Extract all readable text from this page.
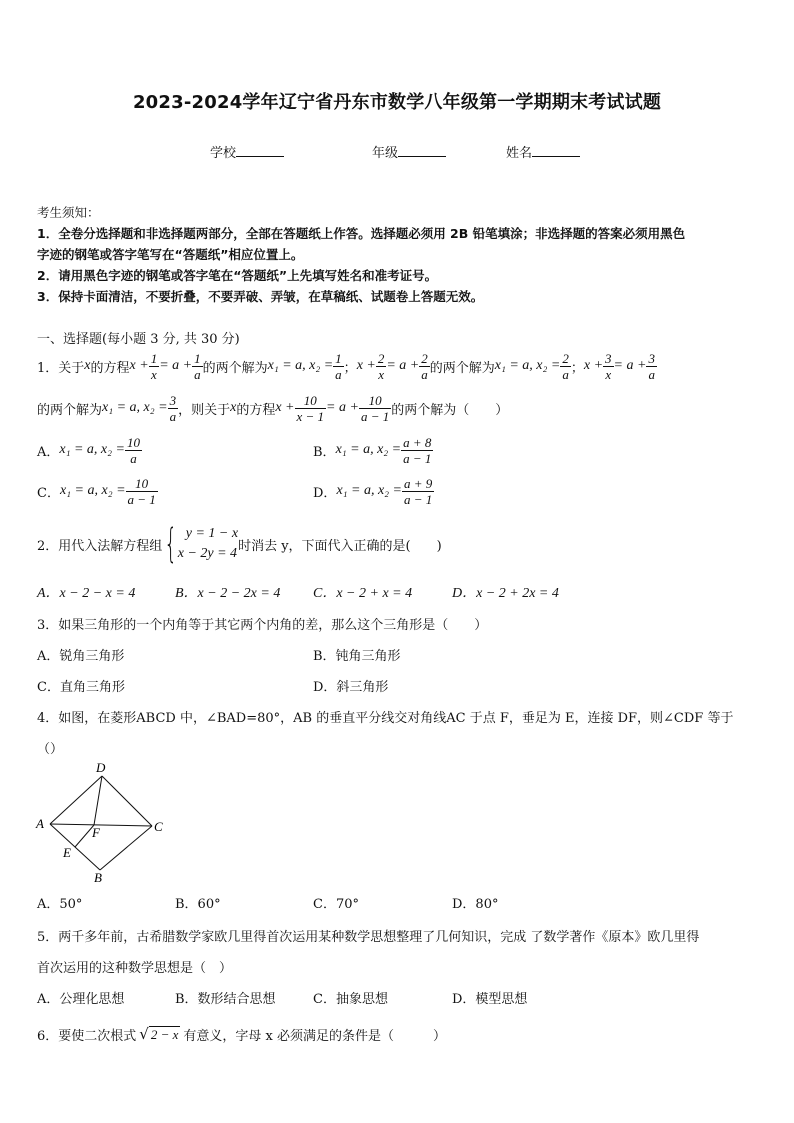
2023-2024学年辽宁省丹东市数学八年级第一学期期末考试试题
学校	年级	姓名
考生须知：
1．全卷分选择题和非选择题两部分，全部在答题纸上作答。选择题必须用 2B 铅笔填涂；非选择题的答案必须用黑色
字迹的钢笔或答字笔写在“答题纸”相应位置上。
2．请用黑色字迹的钢笔或答字笔在“答题纸”上先填写姓名和准考证号。
3．保持卡面清洁，不要折叠，不要弄破、弄皱，在草稿纸、试题卷上答题无效。
一、选择题(每小题 3 分, 共 30 分)
1．关于 x 的方程 $x + \frac{1}{x} = a + \frac{1}{a}$ 的两个解为 x₁ = a, $x_2 = \frac{1}{a}$ ； $x + \frac{2}{x} = a + \frac{2}{a}$ 的两个解为 x₁ = a, $x_2 = \frac{2}{a}$ ； $x + \frac{3}{x} = a + \frac{3}{a}$
的两个解为 x₁ = a, $x_2 = \frac{3}{a}$ ，则关于 x 的方程 $x + \frac{10}{x - 1} = a + \frac{10}{a - 1}$ 的两个解为（　　）
A． x₁ = a, $x_2 = \frac{10}{a}$	B． x₁ = a, $x_2 = \frac{a + 8}{a - 1}$
C． x₁ = a, $x_2 = \frac{10}{a - 1}$	D． x₁ = a, $x_2 = \frac{a + 9}{a - 1}$
2．用代入法解方程组 { y = 1 − x
x − 2y = 4 时消去 y，下面代入正确的是(　　)
A．x − 2 − x = 4	B．x − 2 − 2x = 4 C．x − 2 + x = 4	D．x − 2 + 2x = 4
3．如果三角形的一个内角等于其它两个内角的差，那么这个三角形是（　　）
A．锐角三角形	B．钝角三角形
C．直角三角形	D．斜三角形
4．如图，在菱形ABCD 中，∠BAD=80°，AB 的垂直平分线交对角线AC 于点 F，垂足为 E，连接 DF，则∠CDF 等于
（）
A
D
C
B
E
F
A．50°	B．60°	C．70°	D．80°
5．两千多年前，古希腊数学家欧几里得首次运用某种数学思想整理了几何知识，完成 了数学著作《原本》欧几里得
首次运用的这种数学思想是（　）
A．公理化思想	B．数形结合思想	C．抽象思想	D．模型思想
6．要使二次根式 √ 2 − x 有意义，字母 x 必须满足的条件是（　　　）
